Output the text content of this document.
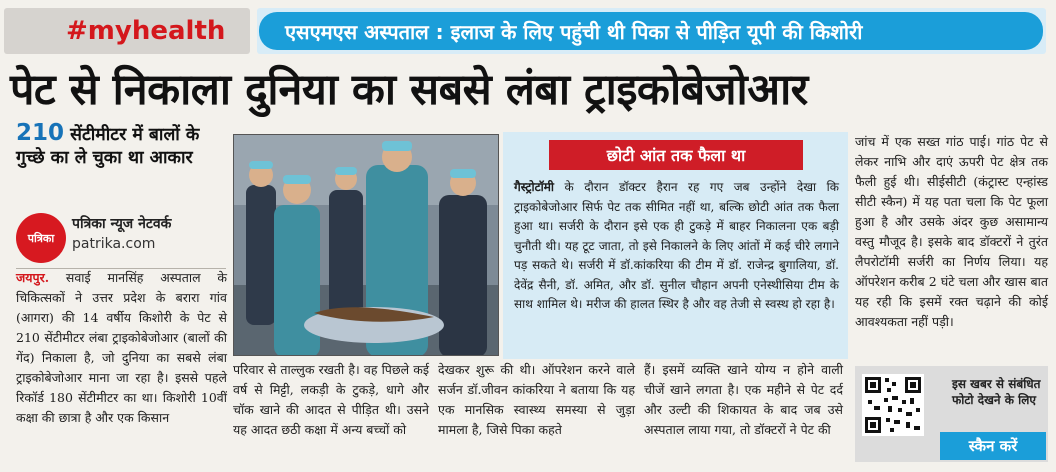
# my health	एसएमएस अस्पताल : इलाज के लिए पहुंची थी पिका से पीड़ित यूपी की किशोरी
पेट से निकाला दुनिया का सबसे लंबा ट्राइकोबेजोआर
210 सेंटीमीटर में बालों के गुच्छे का ले चुका था आकार
पत्रिका
पत्रिका न्यूज नेटवर्क
patrika.com
जयपुर. सवाई मानसिंह अस्पताल के चिकित्सकों ने उत्तर प्रदेश के बरारा गांव (आगरा) की 14 वर्षीय किशोरी के पेट से 210 सेंटीमीटर लंबा ट्राइकोबेजोआर (बालों की गेंद) निकाला है, जो दुनिया का सबसे लंबा ट्राइकोबेजोआर माना जा रहा है। इससे पहले रिकॉर्ड 180 सेंटीमीटर का था। किशोरी 10वीं कक्षा की छात्रा है और एक किसान
छोटी आंत तक फैला था
गैस्ट्रोटॉमी के दौरान डॉक्टर हैरान रह गए जब उन्होंने देखा कि ट्राइकोबेजोआर सिर्फ पेट तक सीमित नहीं था, बल्कि छोटी आंत तक फैला हुआ था। सर्जरी के दौरान इसे एक ही टुकड़े में बाहर निकालना एक बड़ी चुनौती थी। यह टूट जाता, तो इसे निकालने के लिए आंतों में कई चीरे लगाने पड़ सकते थे। सर्जरी में डॉ.कांकरिया की टीम में डॉ. राजेन्द्र बुगालिया, डॉ. देवेंद्र सैनी, डॉ. अमित, और डॉ. सुनील चौहान अपनी एनेस्थीसिया टीम के साथ शामिल थे। मरीज की हालत स्थिर है और वह तेजी से स्वस्थ हो रहा है।
परिवार से ताल्लुक रखती है। वह पिछले कई वर्ष से मिट्टी, लकड़ी के टुकड़े, धागे और चॉक खाने की आदत से पीड़ित थी। उसने यह आदत छठी कक्षा में अन्य बच्चों को
देखकर शुरू की थी। ऑपरेशन करने वाले सर्जन डॉ.जीवन कांकरिया ने बताया कि यह एक मानसिक स्वास्थ्य समस्या से जुड़ा मामला है, जिसे पिका कहते
हैं। इसमें व्यक्ति खाने योग्य न होने वाली चीजें खाने लगता है। एक महीने से पेट दर्द और उल्टी की शिकायत के बाद जब उसे अस्पताल लाया गया, तो डॉक्टरों ने पेट की
जांच में एक सख्त गांठ पाई। गांठ पेट से लेकर नाभि और दाएं ऊपरी पेट क्षेत्र तक फैली हुई थी। सीईसीटी (कंट्रास्ट एन्हांस्ड सीटी स्कैन) में यह पता चला कि पेट फूला हुआ है और उसके अंदर कुछ असामान्य वस्तु मौजूद है। इसके बाद डॉक्टरों ने तुरंत लैपरोटॉमी सर्जरी का निर्णय लिया। यह ऑपरेशन करीब 2 घंटे चला और खास बात यह रही कि इसमें रक्त चढ़ाने की कोई आवश्यकता नहीं पड़ी।
इस खबर से संबंधित फोटो देखने के लिए
स्कैन करें
